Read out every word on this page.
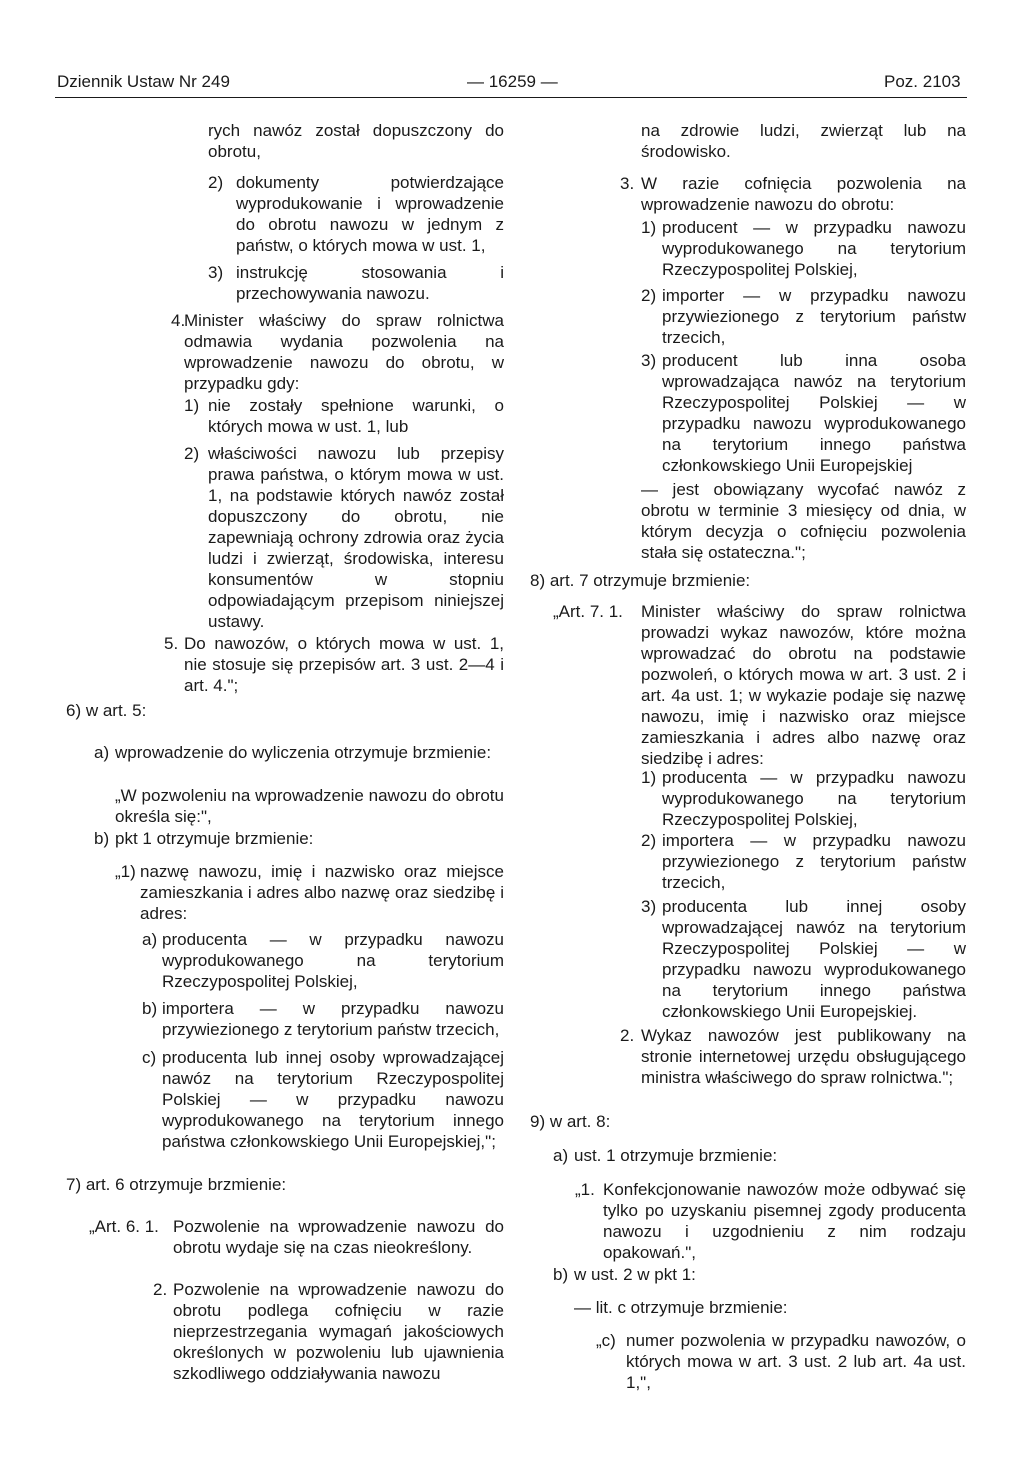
Dziennik Ustaw Nr 249	— 16259 —	Poz. 2103

rych nawóz został dopuszczony do obrotu,

2) dokumenty potwierdzające wyprodukowanie i wprowadzenie do obrotu nawozu w jednym z państw, o których mowa w ust. 1,
3) instrukcję stosowania i przechowywania nawozu.
4.
Minister właściwy do spraw rolnictwa odmawia wydania pozwolenia na wprowadzenie nawozu do obrotu, w przypadku gdy:
1) nie zostały spełnione warunki, o których mowa w ust. 1, lub
2) właściwości nawozu lub przepisy prawa państwa, o którym mowa w ust. 1, na podstawie których nawóz został dopuszczony do obrotu, nie zapewniają ochrony zdrowia oraz życia ludzi i zwierząt, środowiska, interesu konsumentów w stopniu odpowiadającym przepisom niniejszej ustawy.
5. Do nawozów, o których mowa w ust. 1, nie stosuje się przepisów art. 3 ust. 2—4 i art. 4.";
6) w art. 5:
a) wprowadzenie do wyliczenia otrzymuje brzmienie:
„W pozwoleniu na wprowadzenie nawozu do obrotu określa się:",
b) pkt 1 otrzymuje brzmienie:
„1) nazwę nawozu, imię i nazwisko oraz miejsce zamieszkania i adres albo nazwę oraz siedzibę i adres:
a) producenta — w przypadku nawozu wyprodukowanego na terytorium Rzeczypospolitej Polskiej,
b) importera — w przypadku nawozu przywiezionego z terytorium państw trzecich,
c) producenta lub innej osoby wprowadzającej nawóz na terytorium Rzeczypospolitej Polskiej — w przypadku nawozu wyprodukowanego na terytorium innego państwa członkowskiego Unii Europejskiej,";
7) art. 6 otrzymuje brzmienie:
„Art. 6. 1. Pozwolenie na wprowadzenie nawozu do obrotu wydaje się na czas nieokreślony.
2. Pozwolenie na wprowadzenie nawozu do obrotu podlega cofnięciu w razie nieprzestrzegania wymagań jakościowych określonych w pozwoleniu lub ujawnienia szkodliwego oddziaływania nawozu
na zdrowie ludzi, zwierząt lub na środowisko.
3. W razie cofnięcia pozwolenia na wprowadzenie nawozu do obrotu:
1) producent — w przypadku nawozu wyprodukowanego na terytorium Rzeczypospolitej Polskiej,
2) importer — w przypadku nawozu przywiezionego z terytorium państw trzecich,
3) producent lub inna osoba wprowadzająca nawóz na terytorium Rzeczypospolitej Polskiej — w przypadku nawozu wyprodukowanego na terytorium innego państwa członkowskiego Unii Europejskiej
— jest obowiązany wycofać nawóz z obrotu w terminie 3 miesięcy od dnia, w którym decyzja o cofnięciu pozwolenia stała się ostateczna.";
8) art. 7 otrzymuje brzmienie:
„Art. 7. 1. Minister właściwy do spraw rolnictwa prowadzi wykaz nawozów, które można wprowadzać do obrotu na podstawie pozwoleń, o których mowa w art. 3 ust. 2 i art. 4a ust. 1; w wykazie podaje się nazwę nawozu, imię i nazwisko oraz miejsce zamieszkania i adres albo nazwę oraz siedzibę i adres:
1) producenta — w przypadku nawozu wyprodukowanego na terytorium Rzeczypospolitej Polskiej,
2) importera — w przypadku nawozu przywiezionego z terytorium państw trzecich,
3) producenta lub innej osoby wprowadzającej nawóz na terytorium Rzeczypospolitej Polskiej — w przypadku nawozu wyprodukowanego na terytorium innego państwa członkowskiego Unii Europejskiej.
2. Wykaz nawozów jest publikowany na stronie internetowej urzędu obsługującego ministra właściwego do spraw rolnictwa.";
9) w art. 8:
a) ust. 1 otrzymuje brzmienie:
„1. Konfekcjonowanie nawozów może odbywać się tylko po uzyskaniu pisemnej zgody producenta nawozu i uzgodnieniu z nim rodzaju opakowań.",
b) w ust. 2 w pkt 1:
— lit. c otrzymuje brzmienie:
„c) numer pozwolenia w przypadku nawozów, o których mowa w art. 3 ust. 2 lub art. 4a ust. 1,",
